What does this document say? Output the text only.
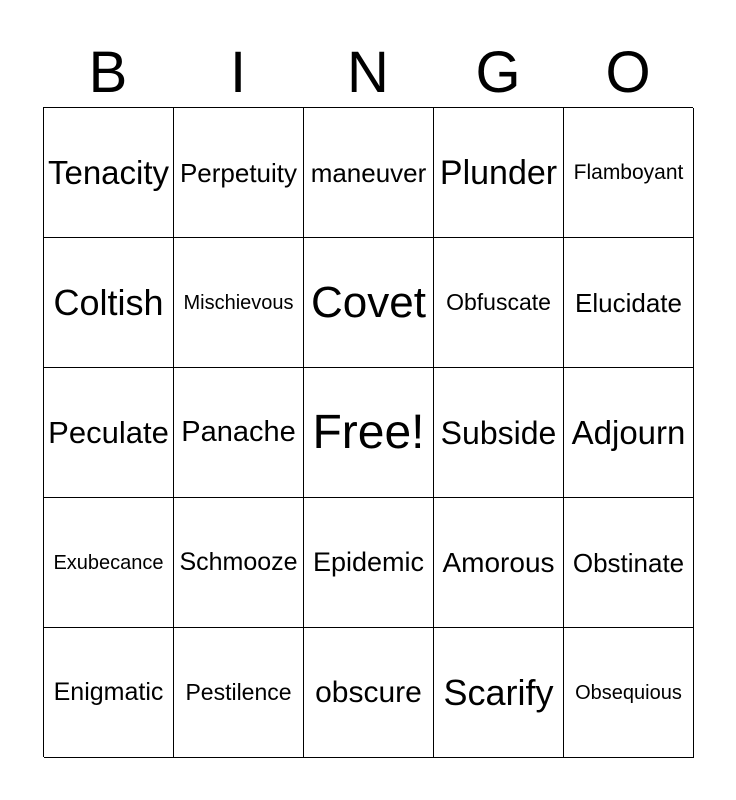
B	I	N	G	O
Tenacity Perpetuity maneuver Plunder Flamboyant
Coltish Mischievous Covet Obfuscate Elucidate
Peculate Panache Free! Subside Adjourn
Exubecance Schmooze Epidemic Amorous Obstinate
Enigmatic Pestilence obscure Scarify Obsequious
